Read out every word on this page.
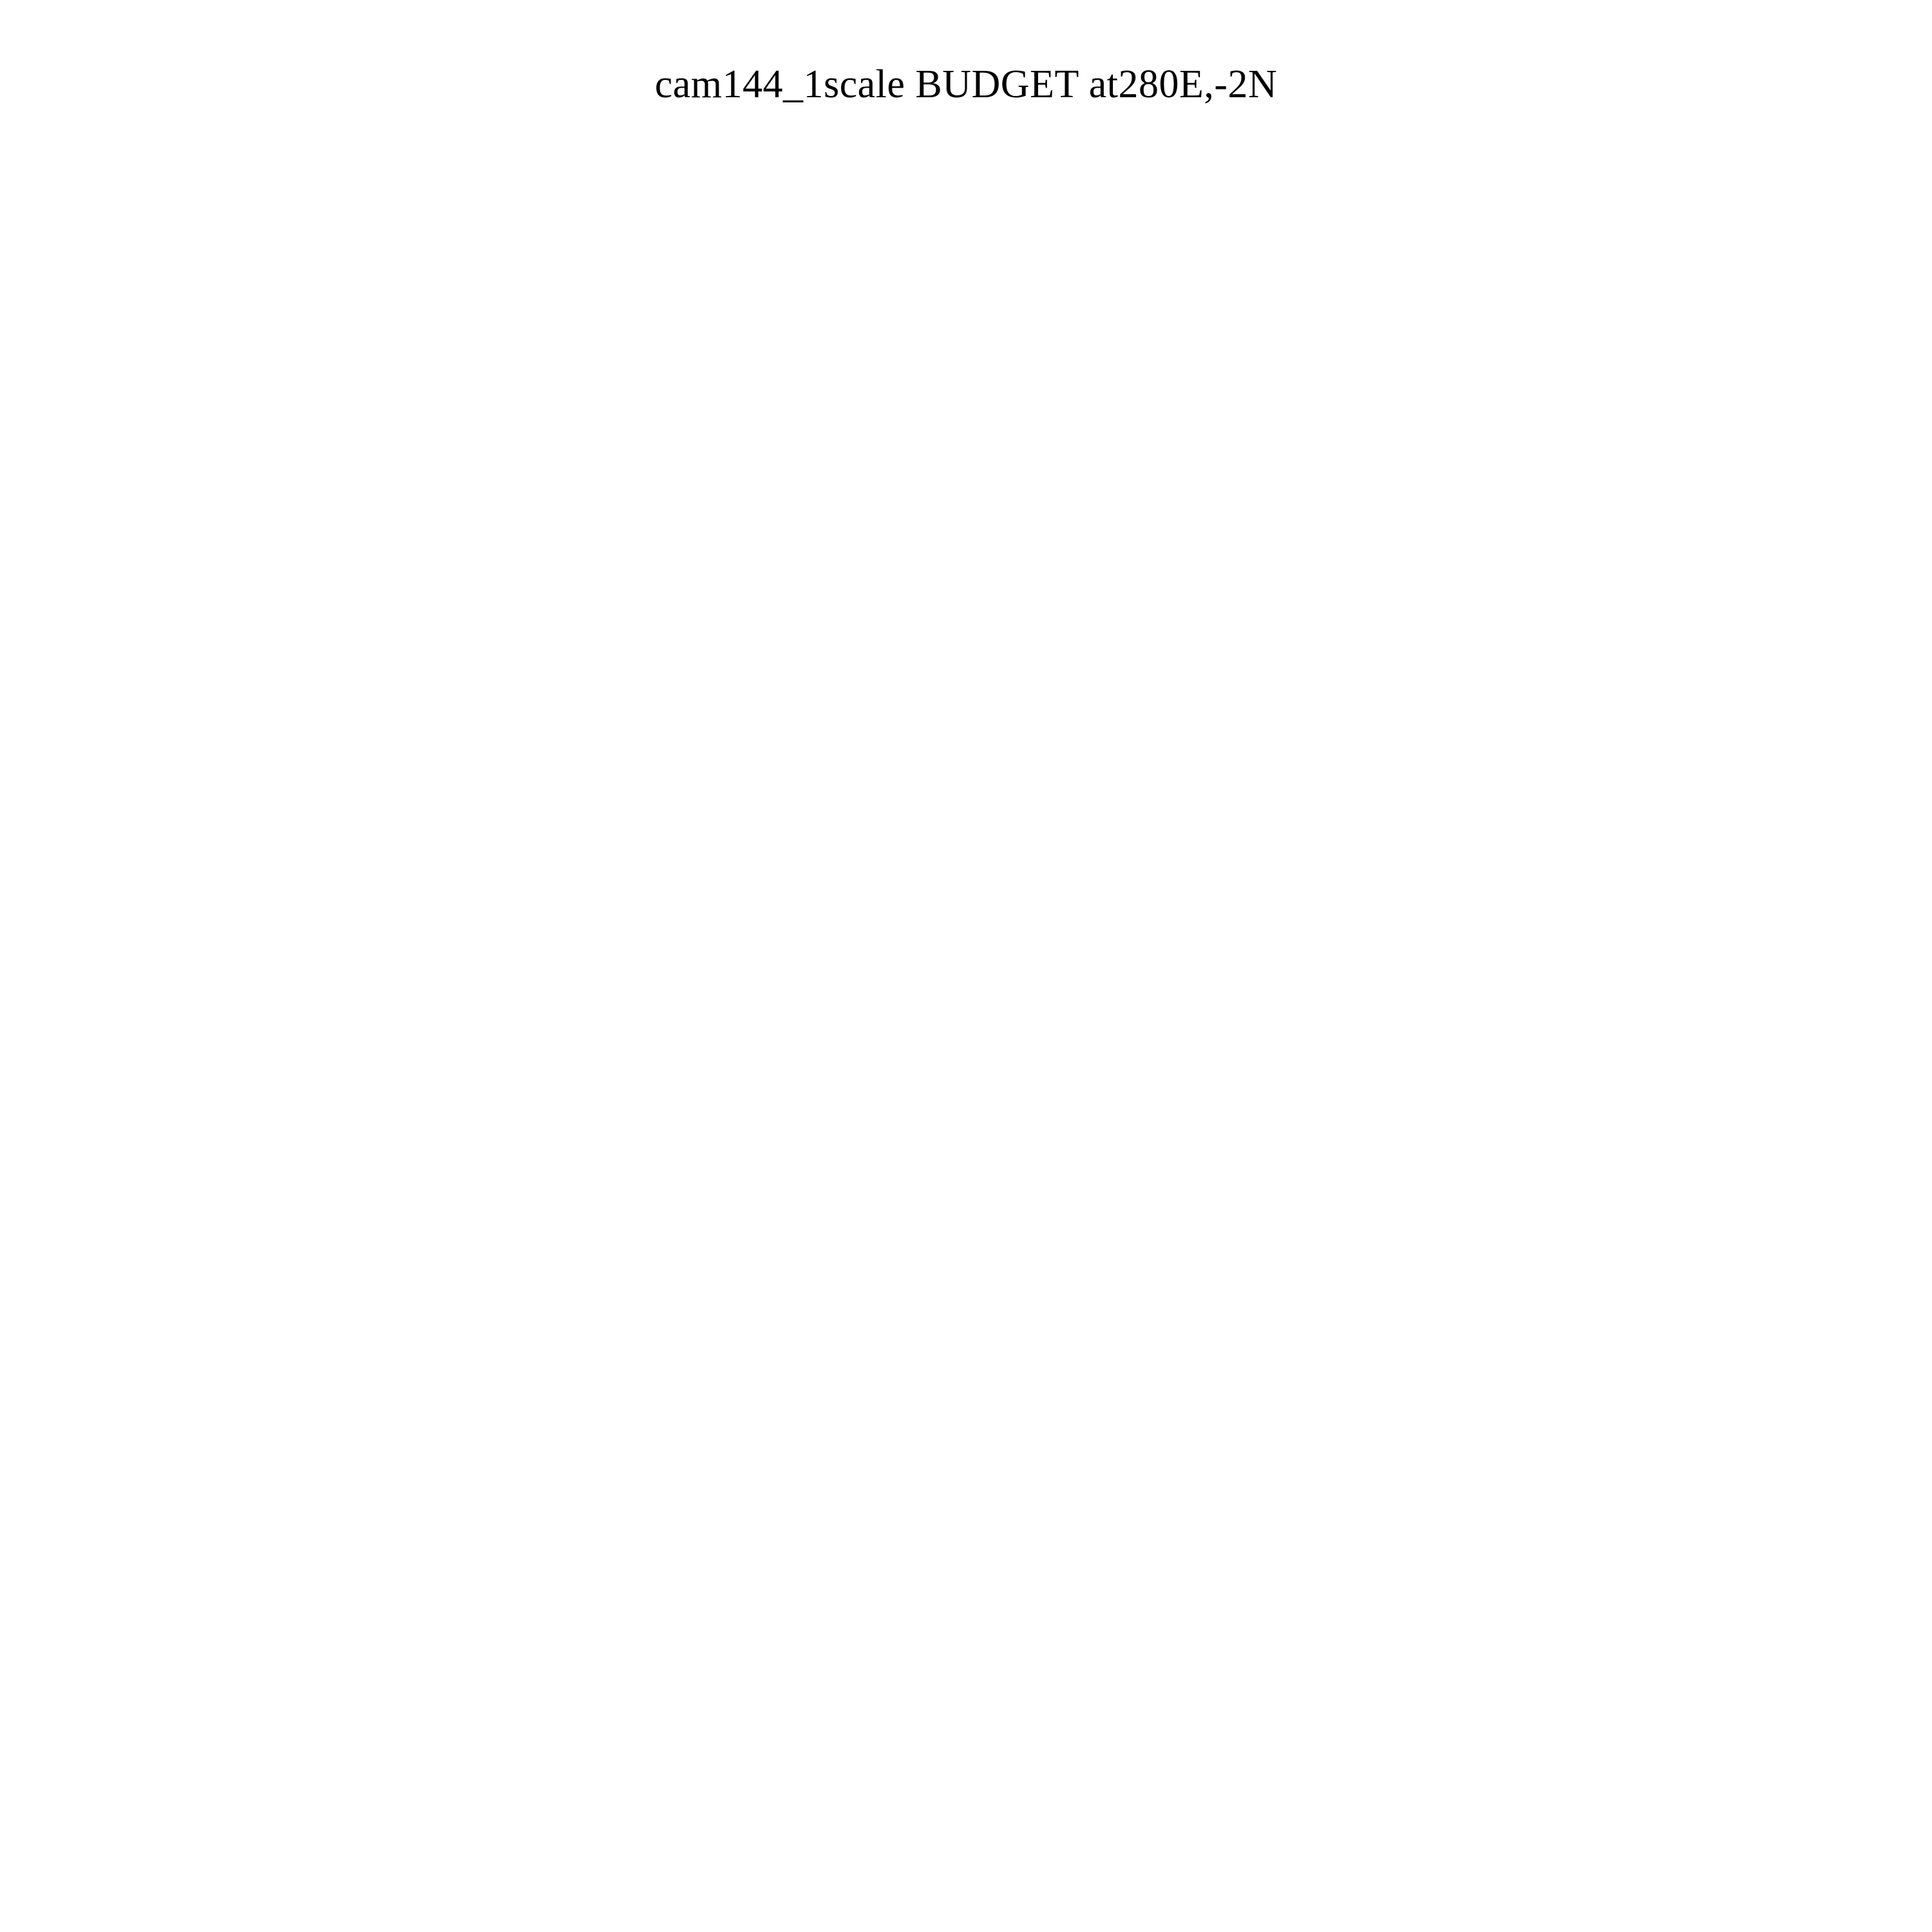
cam144_1scale BUDGET at280E,-2N
